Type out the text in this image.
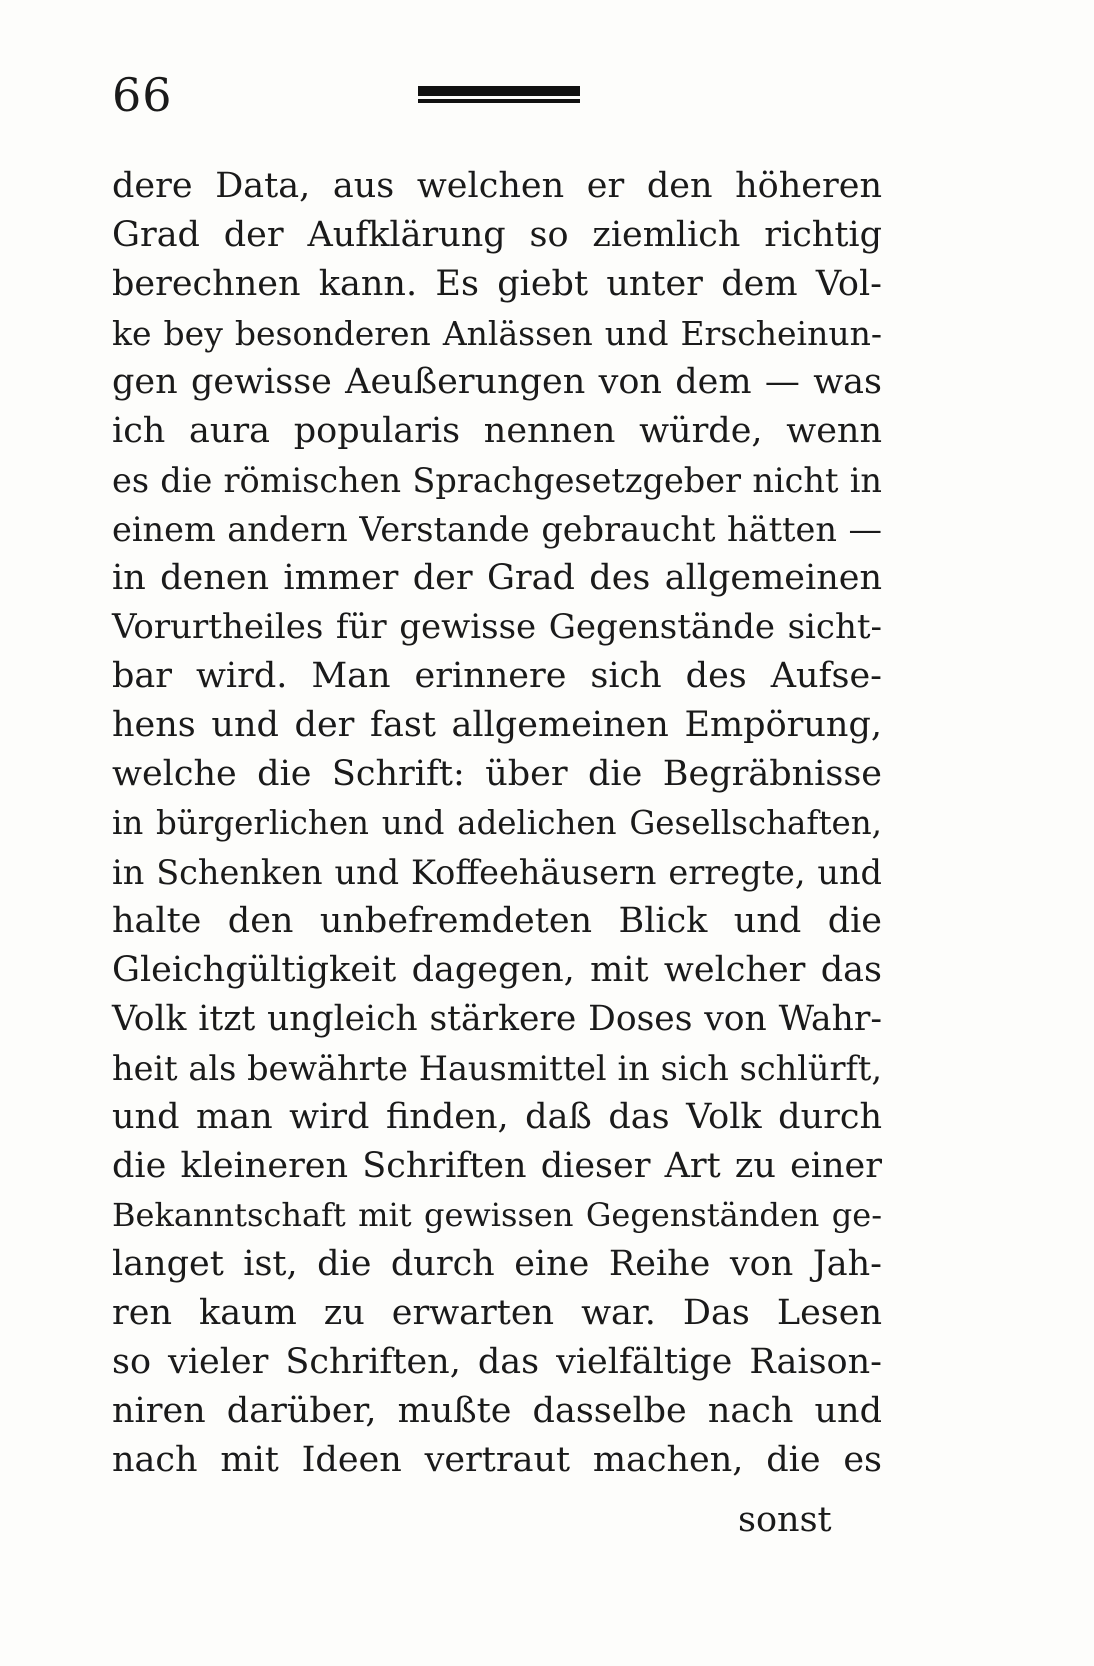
66
dere Data, aus welchen er den höheren
Grad der Aufklärung so ziemlich richtig
berechnen kann. Es giebt unter dem Vol-
ke bey besonderen Anlässen und Erscheinun-
gen gewisse Aeußerungen von dem — was
ich aura popularis nennen würde, wenn
es die römischen Sprachgesetzgeber nicht in
einem andern Verstande gebraucht hätten —
in denen immer der Grad des allgemeinen
Vorurtheiles für gewisse Gegenstände sicht-
bar wird. Man erinnere sich des Aufse-
hens und der fast allgemeinen Empörung,
welche die Schrift: über die Begräbnisse
in bürgerlichen und adelichen Gesellschaften,
in Schenken und Koffeehäusern erregte, und
halte den unbefremdeten Blick und die
Gleichgültigkeit dagegen, mit welcher das
Volk itzt ungleich stärkere Doses von Wahr-
heit als bewährte Hausmittel in sich schlürft,
und man wird finden, daß das Volk durch
die kleineren Schriften dieser Art zu einer
Bekanntschaft mit gewissen Gegenständen ge-
langet ist, die durch eine Reihe von Jah-
ren kaum zu erwarten war. Das Lesen
so vieler Schriften, das vielfältige Raison-
niren darüber, mußte dasselbe nach und
nach mit Ideen vertraut machen, die es
sonst
